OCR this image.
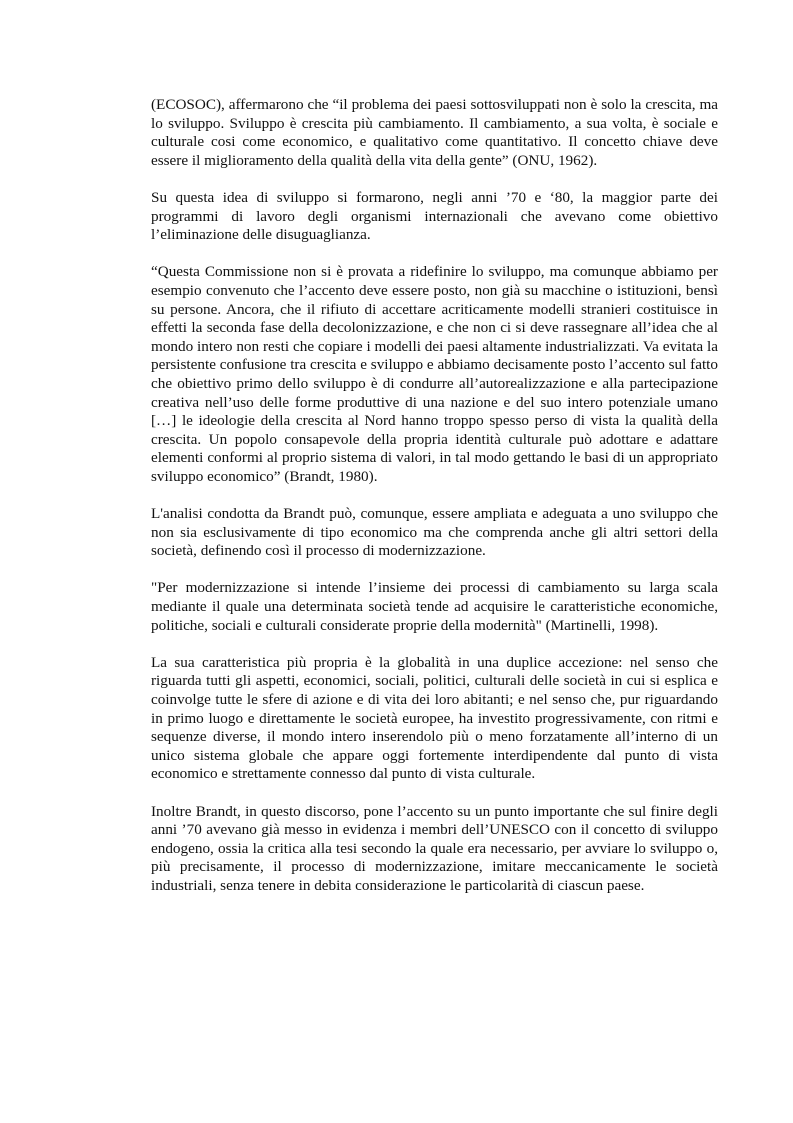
(ECOSOC), affermarono che “il problema dei paesi sottosviluppati non è solo la crescita, ma lo sviluppo. Sviluppo è crescita più cambiamento. Il cambiamento, a sua volta, è sociale e culturale cosi come economico, e qualitativo come quantitativo. Il concetto chiave deve essere il miglioramento della qualità della vita della gente” (ONU, 1962).

Su questa idea di sviluppo si formarono, negli anni ’70 e ‘80, la maggior parte dei programmi di lavoro degli organismi internazionali che avevano come obiettivo l’eliminazione delle disuguaglianza.

“Questa Commissione non si è provata a ridefinire lo sviluppo, ma comunque abbiamo per esempio convenuto che l’accento deve essere posto, non già su macchine o istituzioni, bensì su persone. Ancora, che il rifiuto di accettare acriticamente modelli stranieri costituisce in effetti la seconda fase della decolonizzazione, e che non ci si deve rassegnare all’idea che al mondo intero non resti che copiare i modelli dei paesi altamente industrializzati. Va evitata la persistente confusione tra crescita e sviluppo e abbiamo decisamente posto l’accento sul fatto che obiettivo primo dello sviluppo è di condurre all’autorealizzazione e alla partecipazione creativa nell’uso delle forme produttive di una nazione e del suo intero potenziale umano […] le ideologie della crescita al Nord hanno troppo spesso perso di vista la qualità della crescita. Un popolo consapevole della propria identità culturale può adottare e adattare elementi conformi al proprio sistema di valori, in tal modo gettando le basi di un appropriato sviluppo economico” (Brandt, 1980).

L'analisi condotta da Brandt può, comunque, essere ampliata e adeguata a uno sviluppo che non sia esclusivamente di tipo economico ma che comprenda anche gli altri settori della società, definendo così il processo di modernizzazione.

"Per modernizzazione si intende l’insieme dei processi di cambiamento su larga scala mediante il quale una determinata società tende ad acquisire le caratteristiche economiche, politiche, sociali e culturali considerate proprie della modernità" (Martinelli, 1998).

La sua caratteristica più propria è la globalità in una duplice accezione: nel senso che riguarda tutti gli aspetti, economici, sociali, politici, culturali delle società in cui si esplica e coinvolge tutte le sfere di azione e di vita dei loro abitanti; e nel senso che, pur riguardando in primo luogo e direttamente le società europee, ha investito progressivamente, con ritmi e sequenze diverse, il mondo intero inserendolo più o meno forzatamente all’interno di un unico sistema globale che appare oggi fortemente interdipendente dal punto di vista economico e strettamente connesso dal punto di vista culturale.

Inoltre Brandt, in questo discorso, pone l’accento su un punto importante che sul finire degli anni ’70 avevano già messo in evidenza i membri dell’UNESCO con il concetto di sviluppo endogeno, ossia la critica alla tesi secondo la quale era necessario, per avviare lo sviluppo o, più precisamente, il processo di modernizzazione, imitare meccanicamente le società industriali, senza tenere in debita considerazione le particolarità di ciascun paese.
